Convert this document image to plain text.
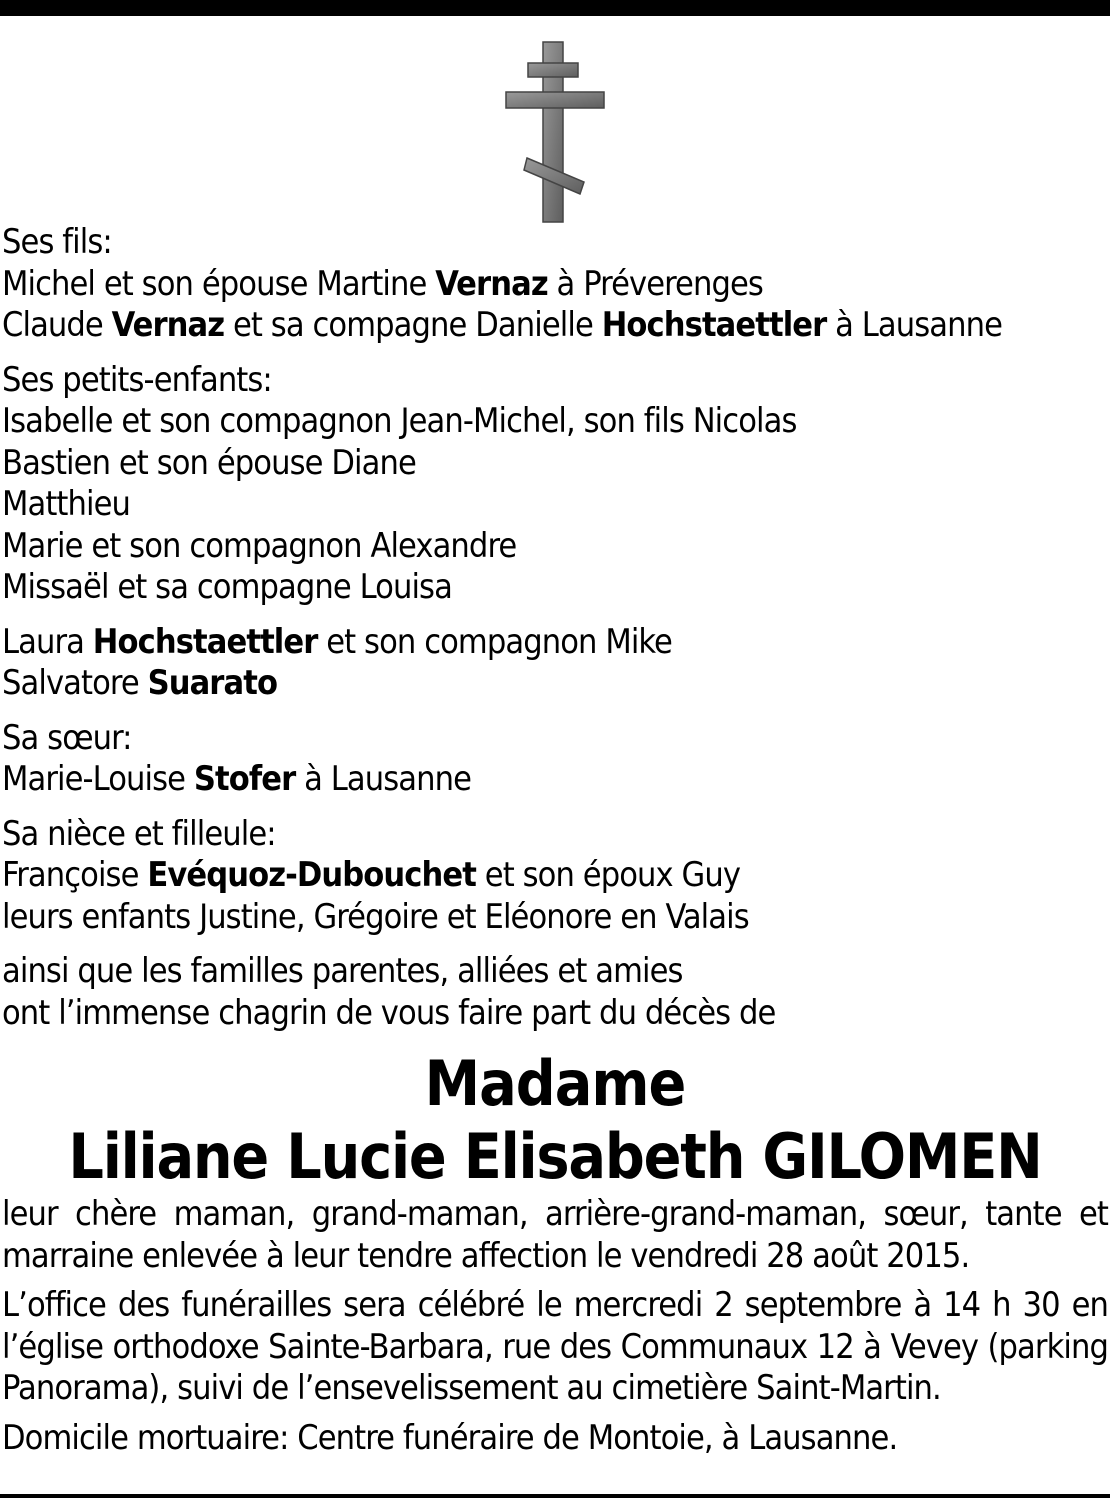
Ses fils:

Michel et son épouse Martine Vernaz à Préverenges

Claude Vernaz et sa compagne Danielle Hochstaettler à Lausanne

Ses petits-enfants:

Isabelle et son compagnon Jean-Michel, son fils Nicolas

Bastien et son épouse Diane

Matthieu

Marie et son compagnon Alexandre

Missaël et sa compagne Louisa

Laura Hochstaettler et son compagnon Mike

Salvatore Suarato

Sa sœur:

Marie-Louise Stofer à Lausanne

Sa nièce et filleule:

Françoise Evéquoz-Dubouchet et son époux Guy

leurs enfants Justine, Grégoire et Eléonore en Valais

ainsi que les familles parentes, alliées et amies

ont l’immense chagrin de vous faire part du décès de

Madame
Liliane Lucie Elisabeth GILOMEN

leur chère maman, grand-maman, arrière-grand-maman, sœur, tante et marraine enlevée à leur tendre affection le vendredi 28 août 2015.

L’office des funérailles sera célébré le mercredi 2 septembre à 14 h 30 en l’église orthodoxe Sainte-Barbara, rue des Communaux 12 à Vevey (parking Panorama), suivi de l’ensevelissement au cimetière Saint-Martin.

Domicile mortuaire: Centre funéraire de Montoie, à Lausanne.
